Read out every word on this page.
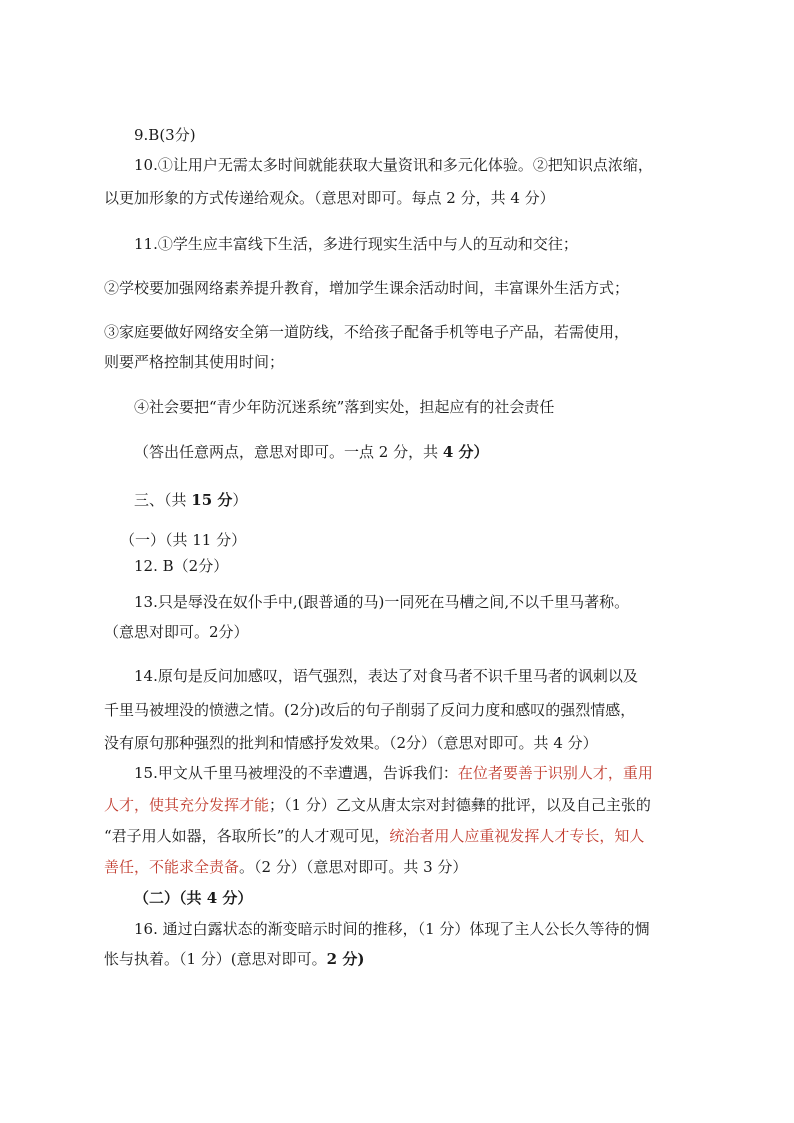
9.B(3分)
10.①让用户无需太多时间就能获取大量资讯和多元化体验。②把知识点浓缩，
以更加形象的方式传递给观众。（意思对即可。每点 2 分，共 4 分）
11.①学生应丰富线下生活，多进行现实生活中与人的互动和交往；
②学校要加强网络素养提升教育，增加学生课余活动时间，丰富课外生活方式；
③家庭要做好网络安全第一道防线，不给孩子配备手机等电子产品，若需使用，
则要严格控制其使用时间；
④社会要把“青少年防沉迷系统”落到实处，担起应有的社会责任
（答出任意两点，意思对即可。一点 2 分，共 4 分）
三、（共 15 分）
（一）（共 11 分）
12. B（2分）
13.只是辱没在奴仆手中,(跟普通的马)一同死在马槽之间,不以千里马著称。
（意思对即可。2分）
14.原句是反问加感叹，语气强烈，表达了对食马者不识千里马者的讽刺以及
千里马被埋没的愤懑之情。(2分)改后的句子削弱了反问力度和感叹的强烈情感，
没有原句那种强烈的批判和情感抒发效果。（2分）（意思对即可。共 4 分）
15.甲文从千里马被埋没的不幸遭遇，告诉我们：在位者要善于识别人才，重用
人才，使其充分发挥才能；（1 分）乙文从唐太宗对封德彝的批评，以及自己主张的
“君子用人如器，各取所长”的人才观可见，统治者用人应重视发挥人才专长，知人
善任，不能求全责备。（2 分）（意思对即可。共 3 分）
（二）（共 4 分）
16. 通过白露状态的渐变暗示时间的推移，（1 分）体现了主人公长久等待的惆
怅与执着。（1 分）(意思对即可。2 分)
